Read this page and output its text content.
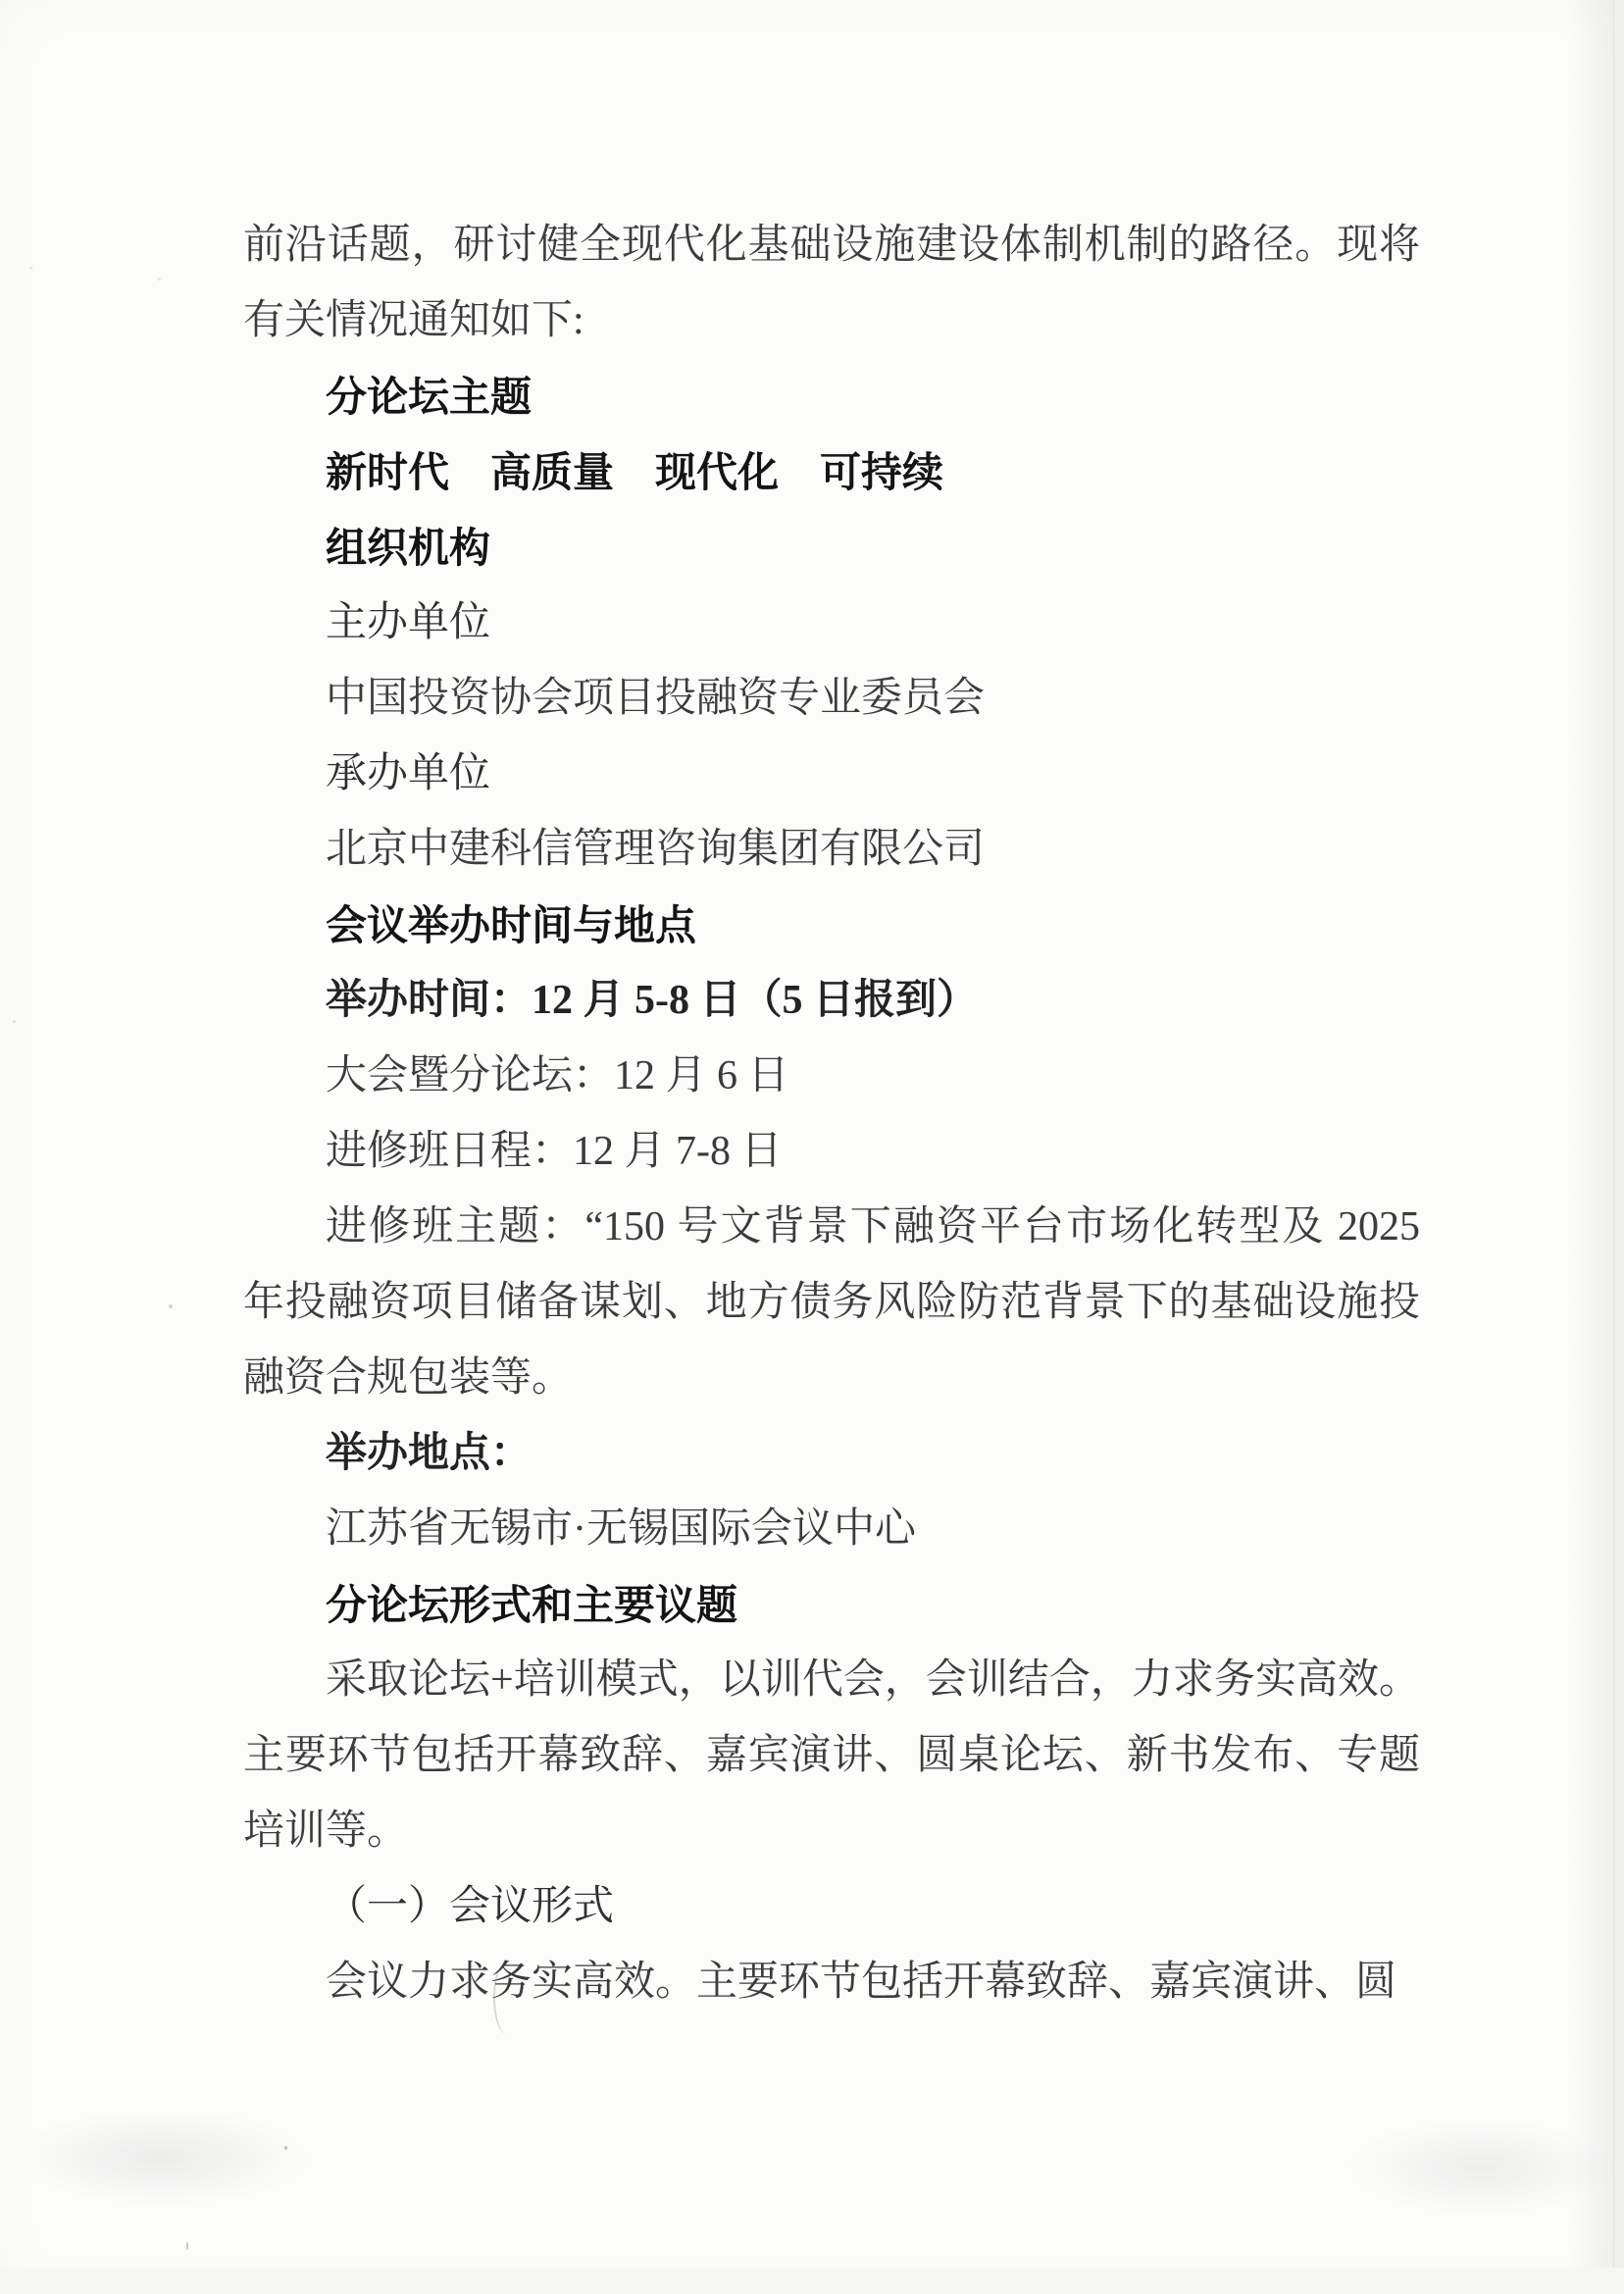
前沿话题，研讨健全现代化基础设施建设体制机制的路径。现将
有关情况通知如下:
分论坛主题
新时代　高质量　现代化　可持续
组织机构
主办单位
中国投资协会项目投融资专业委员会
承办单位
北京中建科信管理咨询集团有限公司
会议举办时间与地点
举办时间：12 月 5-8 日（5 日报到）
大会暨分论坛：12 月 6 日
进修班日程：12 月 7-8 日
进修班主题：“150 号文背景下融资平台市场化转型及 2025
年投融资项目储备谋划、地方债务风险防范背景下的基础设施投
融资合规包装等。
举办地点：
江苏省无锡市·无锡国际会议中心
分论坛形式和主要议题
采取论坛+培训模式，以训代会，会训结合，力求务实高效。
主要环节包括开幕致辞、嘉宾演讲、圆桌论坛、新书发布、专题
培训等。
（一）会议形式
会议力求务实高效。主要环节包括开幕致辞、嘉宾演讲、圆
